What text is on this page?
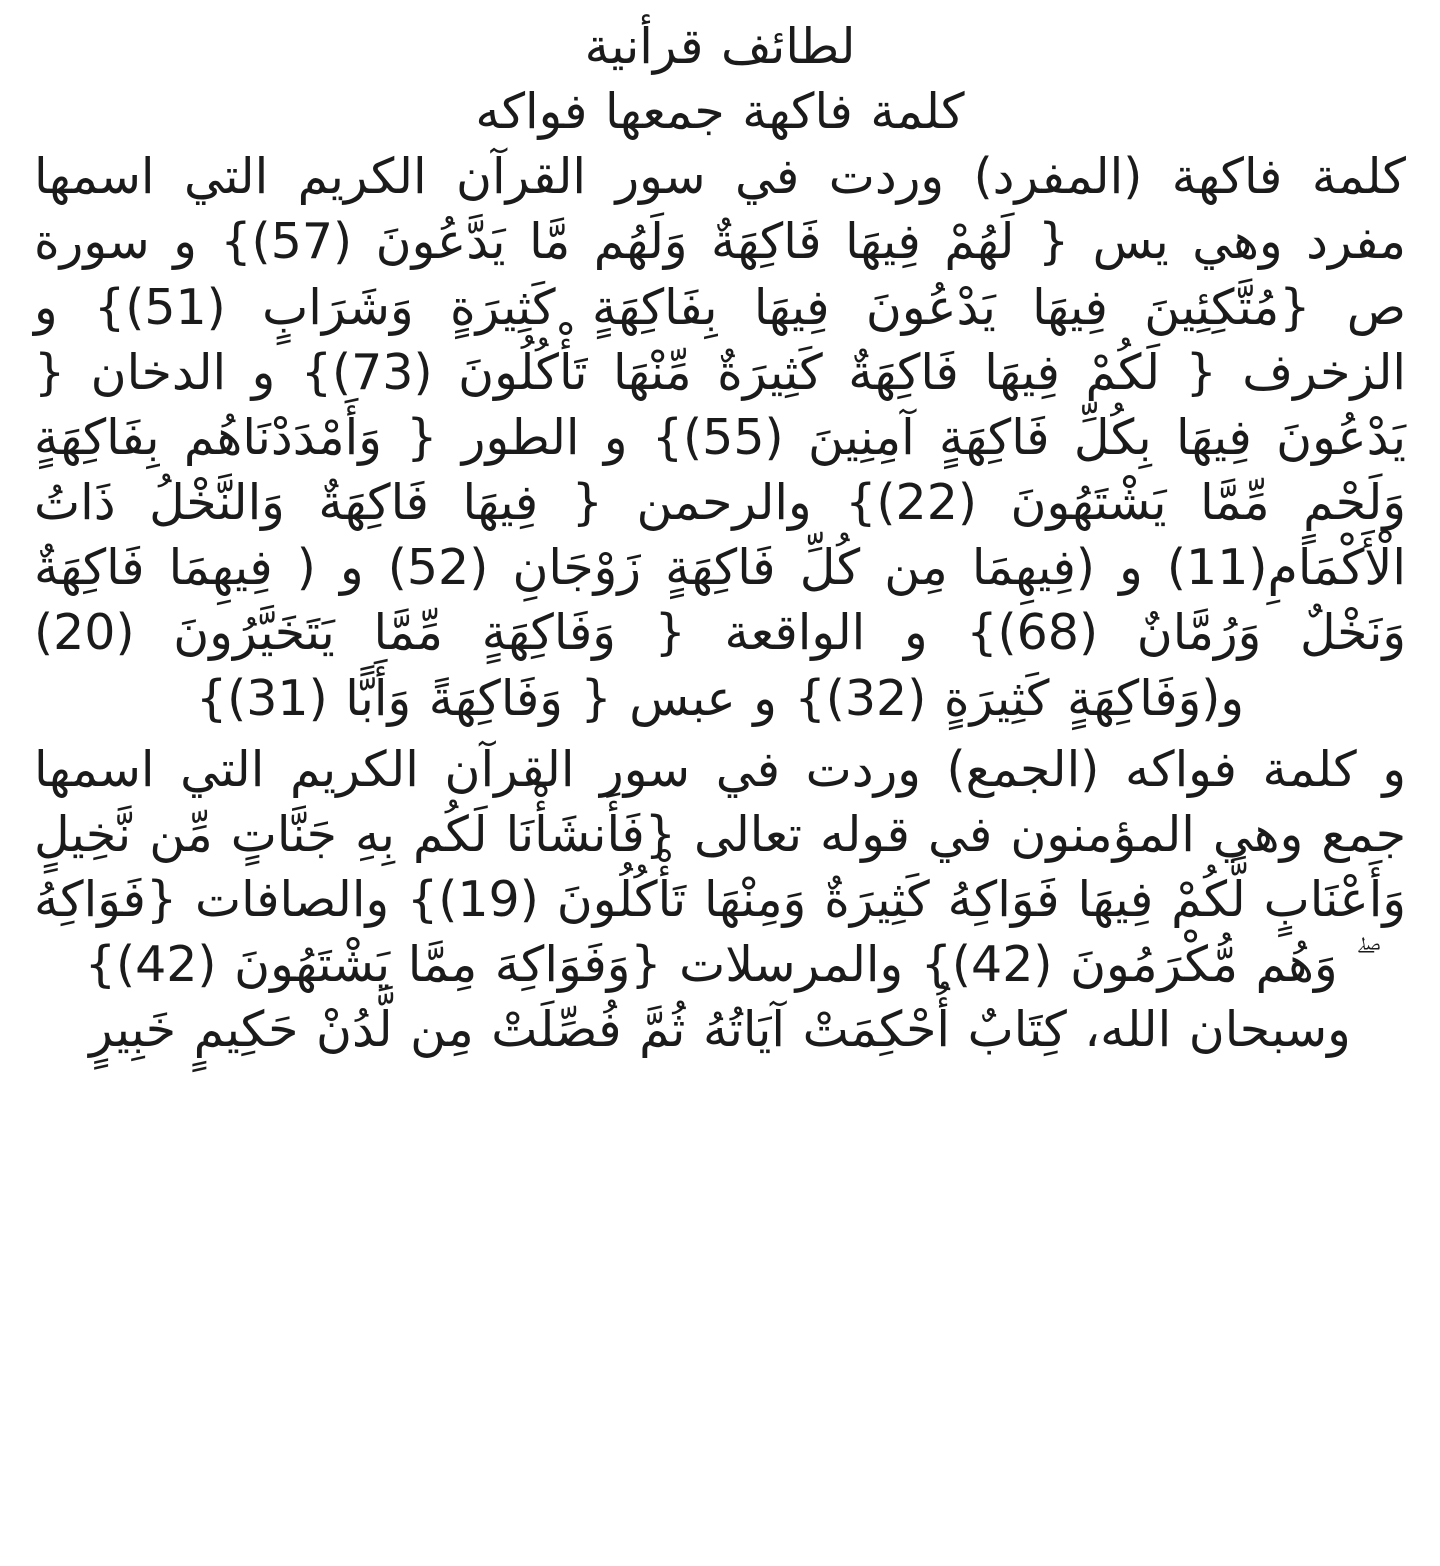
لطائف قرأنية

كلمة فاكهة جمعها فواكه

كلمة فاكهة (المفرد) وردت في سور القرآن الكريم التي اسمها مفرد وهي يس { لَهُمْ فِيهَا فَاكِهَةٌ وَلَهُم مَّا يَدَّعُونَ (57)} و سورة ص {مُتَّكِئِينَ فِيهَا يَدْعُونَ فِيهَا بِفَاكِهَةٍ كَثِيرَةٍ وَشَرَابٍ (51)} و الزخرف { لَكُمْ فِيهَا فَاكِهَةٌ كَثِيرَةٌ مِّنْهَا تَأْكُلُونَ (73)} و الدخان { يَدْعُونَ فِيهَا بِكُلِّ فَاكِهَةٍ آمِنِينَ (55)} و الطور { وَأَمْدَدْنَاهُم بِفَاكِهَةٍ وَلَحْمٍ مِّمَّا يَشْتَهُونَ (22)} والرحمن { فِيهَا فَاكِهَةٌ وَالنَّخْلُ ذَاتُ الْأَكْمَامِ(11) و (فِيهِمَا مِن كُلِّ فَاكِهَةٍ زَوْجَانِ (52) و ( فِيهِمَا فَاكِهَةٌ وَنَخْلٌ وَرُمَّانٌ (68)} و الواقعة { وَفَاكِهَةٍ مِّمَّا يَتَخَيَّرُونَ (20) و(وَفَاكِهَةٍ كَثِيرَةٍ (32)} و عبس { وَفَاكِهَةً وَأَبًّا (31)}

و كلمة فواكه (الجمع) وردت في سور القرآن الكريم التي اسمها جمع وهي المؤمنون في قوله تعالى {فَأَنشَأْنَا لَكُم بِهِ جَنَّاتٍ مِّن نَّخِيلٍ وَأَعْنَابٍ لَّكُمْ فِيهَا فَوَاكِهُ كَثِيرَةٌ وَمِنْهَا تَأْكُلُونَ (19)} والصافات {فَوَاكِهُ ۖ وَهُم مُّكْرَمُونَ (42)} والمرسلات {وَفَوَاكِهَ مِمَّا يَشْتَهُونَ (42)}

وسبحان الله، كِتَابٌ أُحْكِمَتْ آيَاتُهُ ثُمَّ فُصِّلَتْ مِن لَّدُنْ حَكِيمٍ خَبِيرٍ
